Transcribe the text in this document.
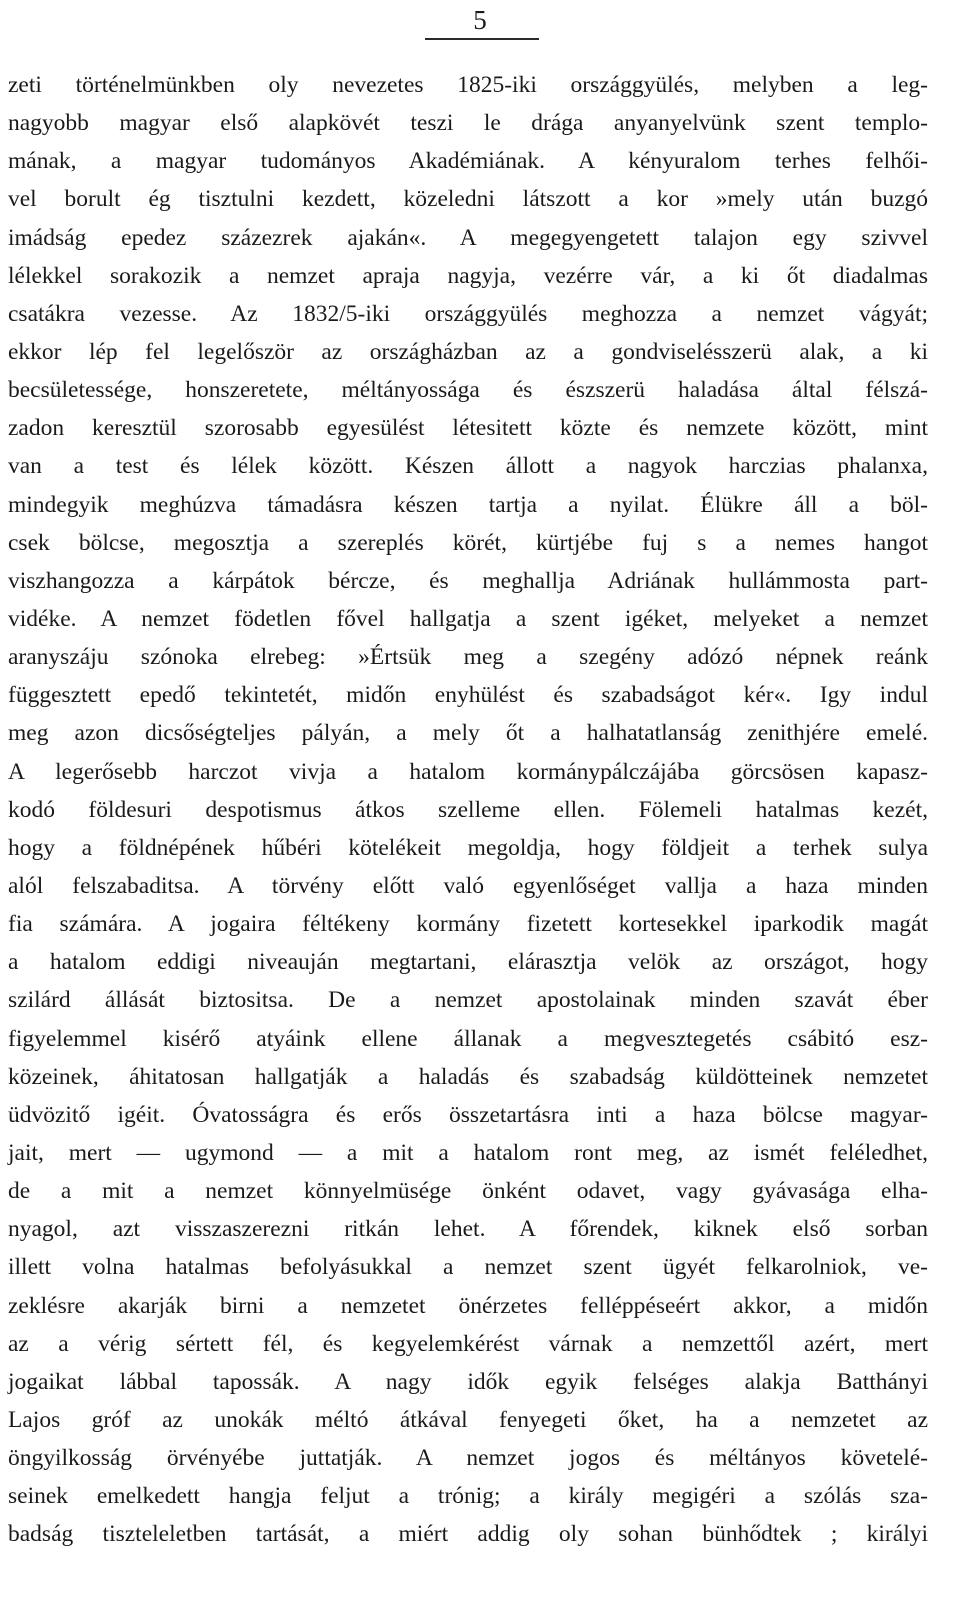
5
zeti történelmünkben oly nevezetes 1825-iki országgyülés, melyben a leg-
nagyobb magyar első alapkövét teszi le drága anyanyelvünk szent templo-
mának, a magyar tudományos Akadémiának. A kényuralom terhes felhői-
vel borult ég tisztulni kezdett, közeledni látszott a kor »mely után buzgó
imádság epedez százezrek ajakán«. A megegyengetett talajon egy szivvel
lélekkel sorakozik a nemzet apraja nagyja, vezérre vár, a ki őt diadalmas
csatákra vezesse. Az 1832/5-iki országgyülés meghozza a nemzet vágyát;
ekkor lép fel legelőször az országházban az a gondviselésszerü alak, a ki
becsületessége, honszeretete, méltányossága és észszerü haladása által félszá-
zadon keresztül szorosabb egyesülést létesitett közte és nemzete között, mint
van a test és lélek között. Készen állott a nagyok harczias phalanxa,
mindegyik meghúzva támadásra készen tartja a nyilat. Élükre áll a böl-
csek bölcse, megosztja a szereplés körét, kürtjébe fuj s a nemes hangot
viszhangozza a kárpátok bércze, és meghallja Adriának hullámmosta part-
vidéke. A nemzet födetlen fővel hallgatja a szent igéket, melyeket a nemzet
aranyszáju szónoka elrebeg: »Értsük meg a szegény adózó népnek reánk
függesztett epedő tekintetét, midőn enyhülést és szabadságot kér«. Igy indul
meg azon dicsőségteljes pályán, a mely őt a halhatatlanság zenithjére emelé.
A legerősebb harczot vivja a hatalom kormánypálczájába görcsösen kapasz-
kodó földesuri despotismus átkos szelleme ellen. Fölemeli hatalmas kezét,
hogy a földnépének hűbéri kötelékeit megoldja, hogy földjeit a terhek sulya
alól felszabaditsa. A törvény előtt való egyenlőséget vallja a haza minden
fia számára. A jogaira féltékeny kormány fizetett kortesekkel iparkodik magát
a hatalom eddigi niveauján megtartani, elárasztja velök az országot, hogy
szilárd állását biztositsa. De a nemzet apostolainak minden szavát éber
figyelemmel kisérő atyáink ellene állanak a megvesztegetés csábitó esz-
közeinek, áhitatosan hallgatják a haladás és szabadság küldötteinek nemzetet
üdvözitő igéit. Óvatosságra és erős összetartásra inti a haza bölcse magyar-
jait, mert — ugymond — a mit a hatalom ront meg, az ismét feléledhet,
de a mit a nemzet könnyelmüsége önként odavet, vagy gyávasága elha-
nyagol, azt visszaszerezni ritkán lehet. A főrendek, kiknek első sorban
illett volna hatalmas befolyásukkal a nemzet szent ügyét felkarolniok, ve-
zeklésre akarják birni a nemzetet önérzetes felléppéseért akkor, a midőn
az a vérig sértett fél, és kegyelemkérést várnak a nemzettől azért, mert
jogaikat lábbal tapossák. A nagy idők egyik felséges alakja Batthányi
Lajos gróf az unokák méltó átkával fenyegeti őket, ha a nemzetet az
öngyilkosság örvényébe juttatják. A nemzet jogos és méltányos követelé-
seinek emelkedett hangja feljut a trónig; a király megigéri a szólás sza-
badság tiszteleletben tartását, a miért addig oly sohan bünhődtek ; királyi
